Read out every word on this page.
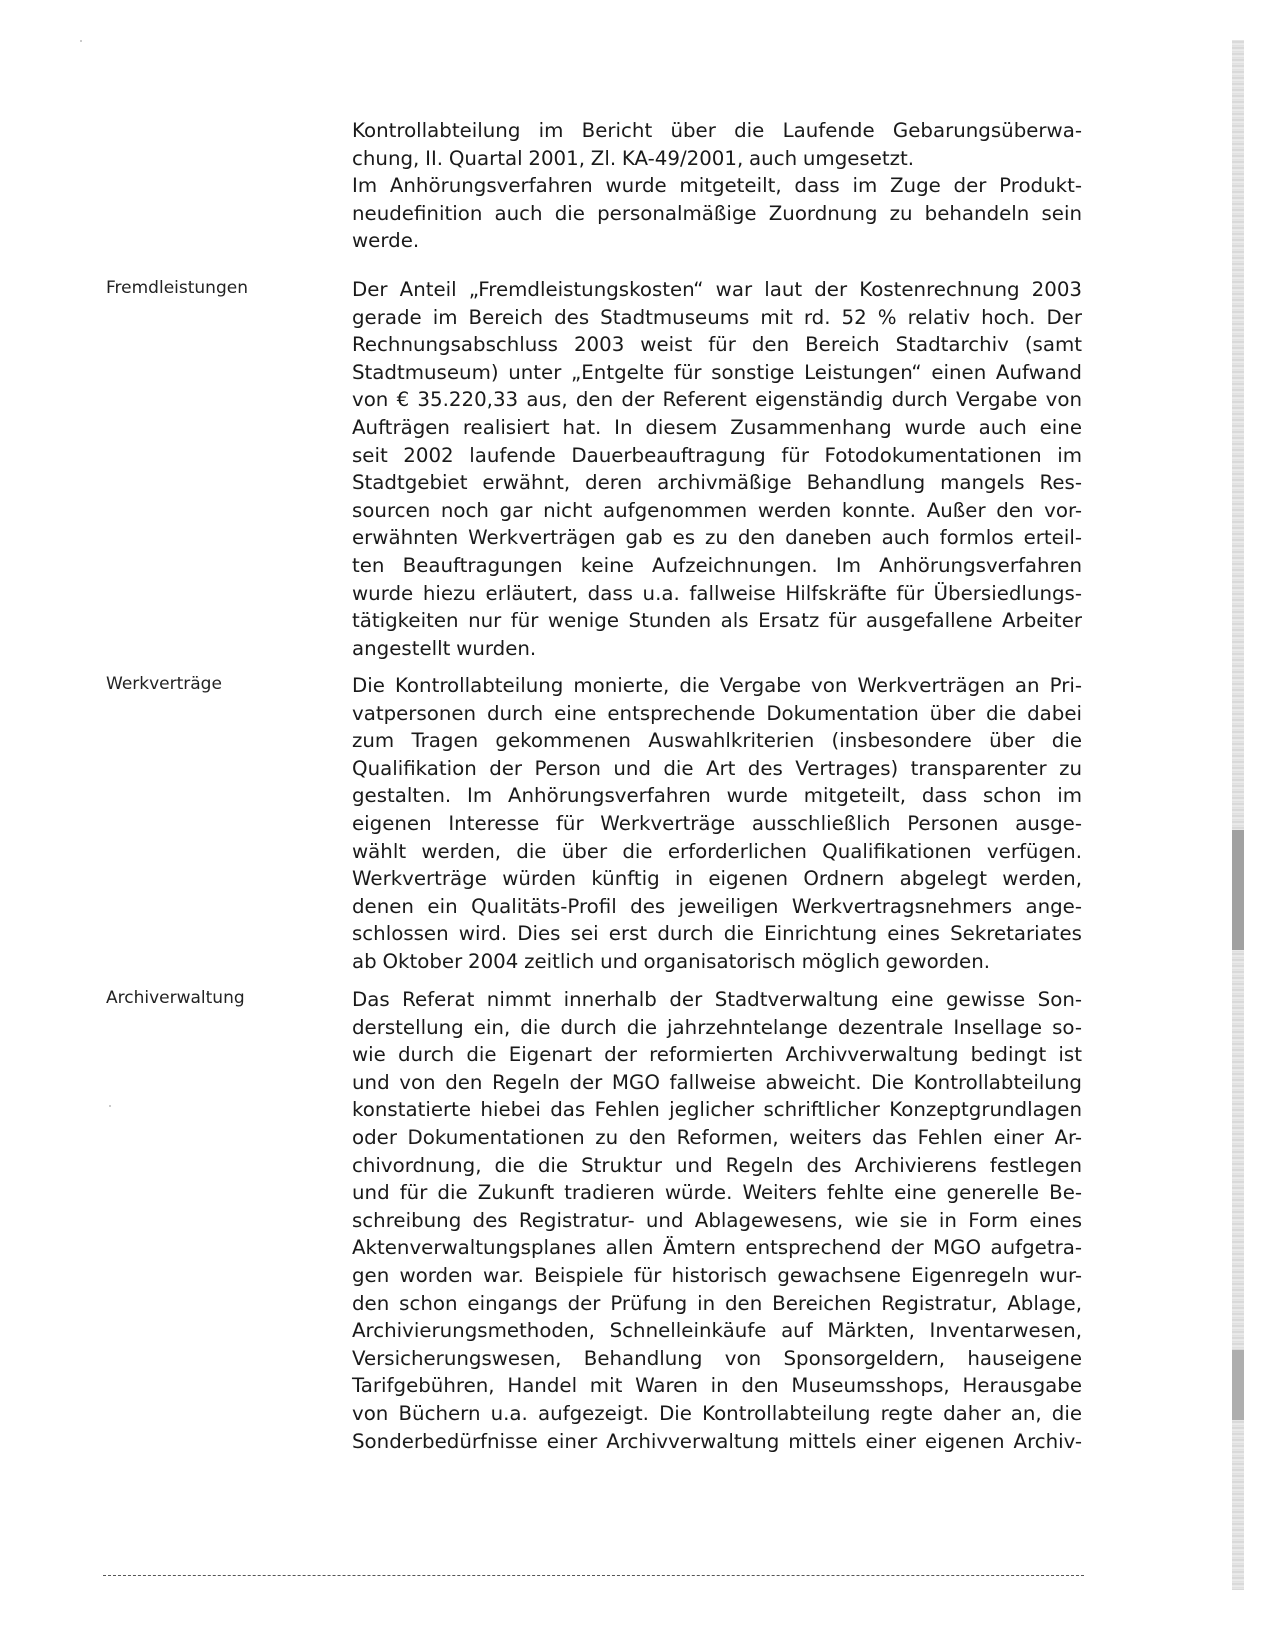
Kontrollabteilung im Bericht über die Laufende Gebarungsüberwa-
chung, II. Quartal 2001, Zl. KA-49/2001, auch umgesetzt.
Im Anhörungsverfahren wurde mitgeteilt, dass im Zuge der Produkt-
neudefinition auch die personalmäßige Zuordnung zu behandeln sein
werde.
Fremdleistungen	Der Anteil „Fremdleistungskosten“ war laut der Kostenrechnung 2003
gerade im Bereich des Stadtmuseums mit rd. 52 % relativ hoch. Der
Rechnungsabschluss 2003 weist für den Bereich Stadtarchiv (samt
Stadtmuseum) unter „Entgelte für sonstige Leistungen“ einen Aufwand
von € 35.220,33 aus, den der Referent eigenständig durch Vergabe von
Aufträgen realisiert hat. In diesem Zusammenhang wurde auch eine
seit 2002 laufende Dauerbeauftragung für Fotodokumentationen im
Stadtgebiet erwähnt, deren archivmäßige Behandlung mangels Res-
sourcen noch gar nicht aufgenommen werden konnte. Außer den vor-
erwähnten Werkverträgen gab es zu den daneben auch formlos erteil-
ten Beauftragungen keine Aufzeichnungen. Im Anhörungsverfahren
wurde hiezu erläutert, dass u.a. fallweise Hilfskräfte für Übersiedlungs-
tätigkeiten nur für wenige Stunden als Ersatz für ausgefallene Arbeiter
angestellt wurden.
Werkverträge	Die Kontrollabteilung monierte, die Vergabe von Werkverträgen an Pri-
vatpersonen durch eine entsprechende Dokumentation über die dabei
zum Tragen gekommenen Auswahlkriterien (insbesondere über die
Qualifikation der Person und die Art des Vertrages) transparenter zu
gestalten. Im Anhörungsverfahren wurde mitgeteilt, dass schon im
eigenen Interesse für Werkverträge ausschließlich Personen ausge-
wählt werden, die über die erforderlichen Qualifikationen verfügen.
Werkverträge würden künftig in eigenen Ordnern abgelegt werden,
denen ein Qualitäts-Profil des jeweiligen Werkvertragsnehmers ange-
schlossen wird. Dies sei erst durch die Einrichtung eines Sekretariates
ab Oktober 2004 zeitlich und organisatorisch möglich geworden.
Archiverwaltung	Das Referat nimmt innerhalb der Stadtverwaltung eine gewisse Son-
derstellung ein, die durch die jahrzehntelange dezentrale Insellage so-
wie durch die Eigenart der reformierten Archivverwaltung bedingt ist
und von den Regeln der MGO fallweise abweicht. Die Kontrollabteilung
konstatierte hiebei das Fehlen jeglicher schriftlicher Konzeptgrundlagen
oder Dokumentationen zu den Reformen, weiters das Fehlen einer Ar-
chivordnung, die die Struktur und Regeln des Archivierens festlegen
und für die Zukunft tradieren würde. Weiters fehlte eine generelle Be-
schreibung des Registratur- und Ablagewesens, wie sie in Form eines
Aktenverwaltungsplanes allen Ämtern entsprechend der MGO aufgetra-
gen worden war. Beispiele für historisch gewachsene Eigenregeln wur-
den schon eingangs der Prüfung in den Bereichen Registratur, Ablage,
Archivierungsmethoden, Schnelleinkäufe auf Märkten, Inventarwesen,
Versicherungswesen, Behandlung von Sponsorgeldern, hauseigene
Tarifgebühren, Handel mit Waren in den Museumsshops, Herausgabe
von Büchern u.a. aufgezeigt. Die Kontrollabteilung regte daher an, die
Sonderbedürfnisse einer Archivverwaltung mittels einer eigenen Archiv-
